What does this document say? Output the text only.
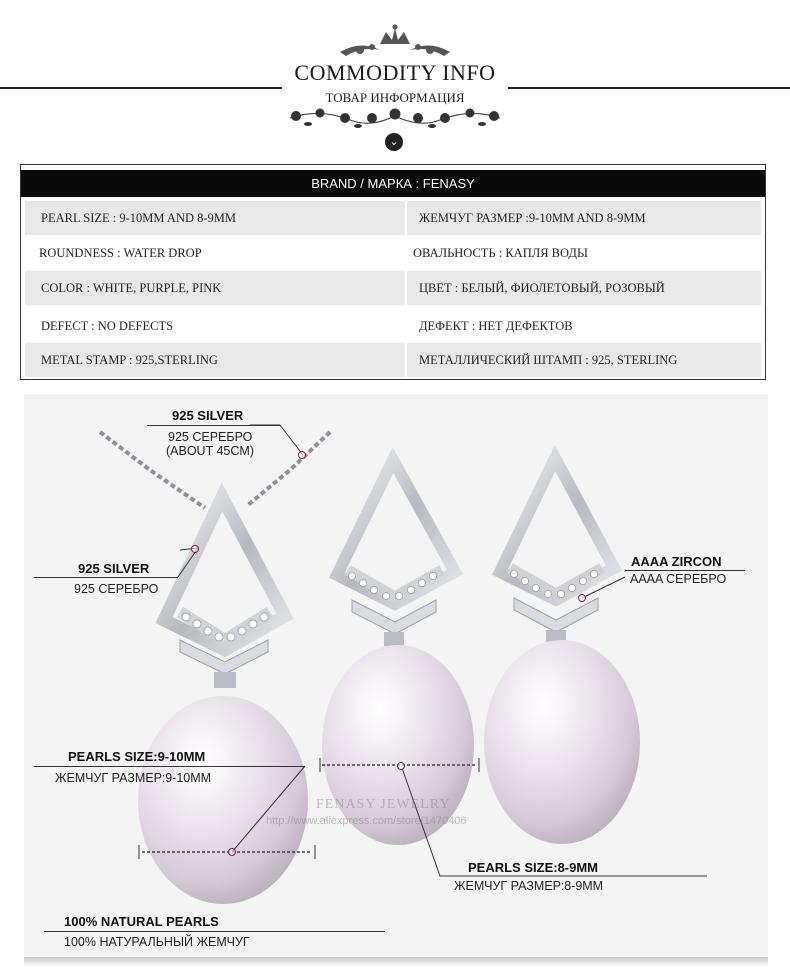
COMMODITY INFO
ТОВАР ИНФОРМАЦИЯ
⌄
BRAND / МАРКА : FENASY
PEARL SIZE : 9-10MM AND 8-9MM	ЖЕМЧУГ РАЗМЕР :9-10MM AND 8-9MM
ROUNDNESS : WATER DROP	ОВАЛЬНОСТЬ : КАПЛЯ ВОДЫ
COLOR : WHITE, PURPLE, PINK	ЦВЕТ : БЕЛЫЙ, ФИОЛЕТОВЫЙ, РОЗОВЫЙ
DEFECT : NO DEFECTS	ДЕФЕКТ : НЕТ ДЕФЕКТОВ
METAL STAMP : 925,STERLING	МЕТАЛЛИЧЕСКИЙ ШТАМП : 925, STERLING
FENASY JEWELRY
http://www.aliexpress.com/store/1470406
925 SILVER
925 СЕРЕБРО
(ABOUT 45CM)
925 SILVER
925 СЕРЕБРО
AAAA ZIRCON
AAAA СЕРЕБРО
PEARLS SIZE:9-10MM
ЖЕМЧУГ РАЗМЕР:9-10MM
PEARLS SIZE:8-9MM
ЖЕМЧУГ РАЗМЕР:8-9MM
100% NATURAL PEARLS
100% НАТУРАЛЬНЫЙ ЖЕМЧУГ
